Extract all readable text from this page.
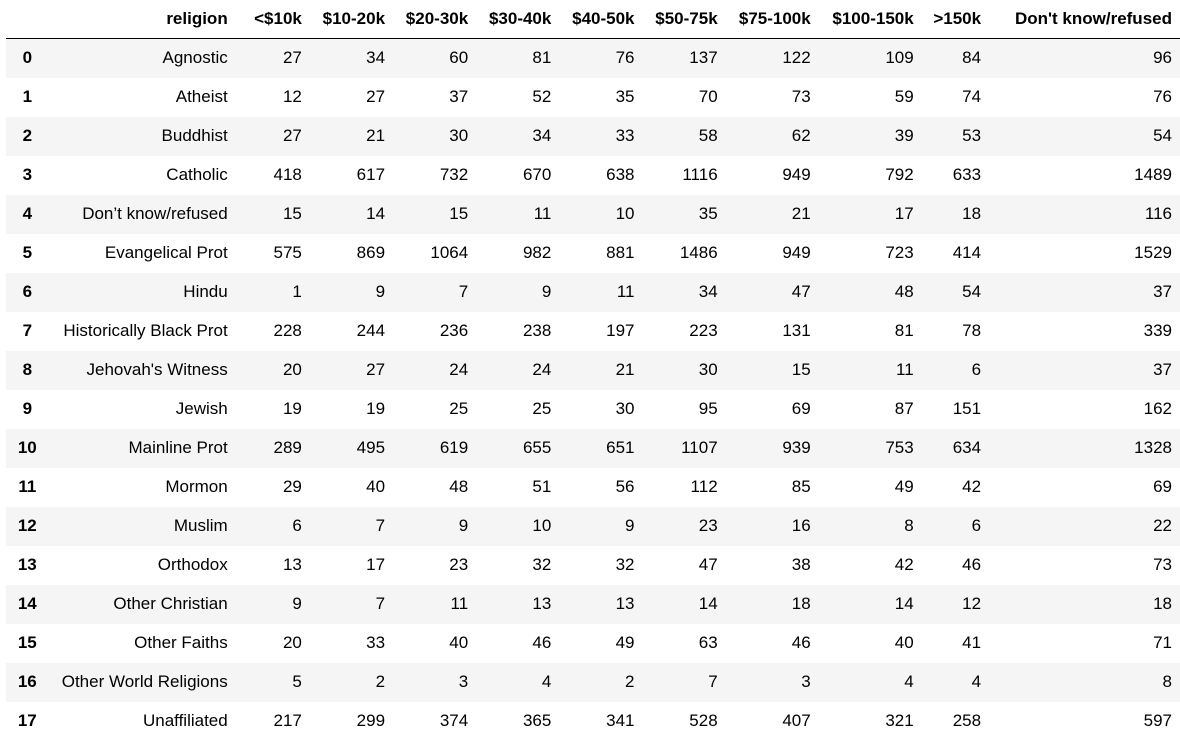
	religion	<$10k	$10-20k	$20-30k	$30-40k	$40-50k	$50-75k	$75-100k	$100-150k	>150k	Don't know/refused
0	Agnostic	27	34	60	81	76	137	122	109	84	96
1	Atheist	12	27	37	52	35	70	73	59	74	76
2	Buddhist	27	21	30	34	33	58	62	39	53	54
3	Catholic	418	617	732	670	638	1116	949	792	633	1489
4	Don’t know/refused	15	14	15	11	10	35	21	17	18	116
5	Evangelical Prot	575	869	1064	982	881	1486	949	723	414	1529
6	Hindu	1	9	7	9	11	34	47	48	54	37
7	Historically Black Prot	228	244	236	238	197	223	131	81	78	339
8	Jehovah's Witness	20	27	24	24	21	30	15	11	6	37
9	Jewish	19	19	25	25	30	95	69	87	151	162
10	Mainline Prot	289	495	619	655	651	1107	939	753	634	1328
11	Mormon	29	40	48	51	56	112	85	49	42	69
12	Muslim	6	7	9	10	9	23	16	8	6	22
13	Orthodox	13	17	23	32	32	47	38	42	46	73
14	Other Christian	9	7	11	13	13	14	18	14	12	18
15	Other Faiths	20	33	40	46	49	63	46	40	41	71
16	Other World Religions	5	2	3	4	2	7	3	4	4	8
17	Unaffiliated	217	299	374	365	341	528	407	321	258	597
